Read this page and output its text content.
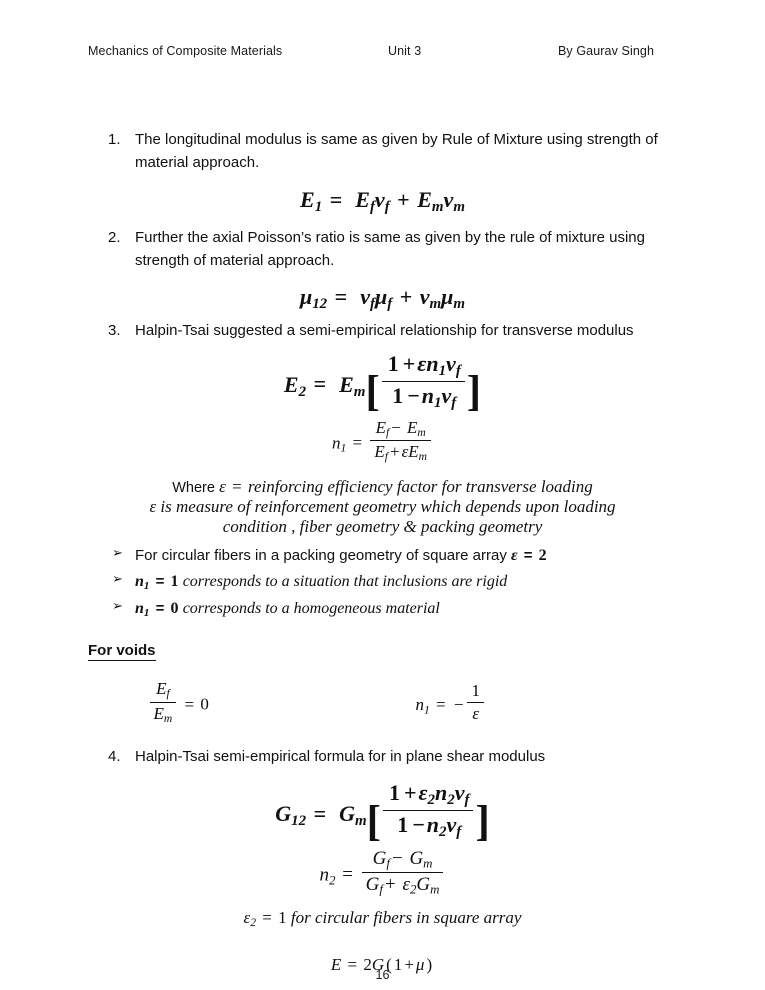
Mechanics of Composite Materials	Unit 3	By Gaurav Singh
1. The longitudinal modulus is same as given by Rule of Mixture using strength of material approach.
$E_1 = E_fv_f + E_mv_m$
2. Further the axial Poisson’s ratio is same as given by the rule of mixture using strength of material approach.
$\mu_{12} = v_f\mu_f + v_m\mu_m$
3. Halpin-Tsai suggested a semi-empirical relationship for transverse modulus
$E_2 = E_m[ \frac{1 +\varepsilon n_1v_f}{1 -n_1v_f}$ ]
$n_1 = \frac{E_f - E_m}{E_f + \varepsilon E_m}$
Where ε = reinforcing efficiency factor for transverse loading
ε is measure of reinforcement geometry which depends upon loading
condition , fiber geometry & packing geometry
➢ For circular fibers in a packing geometry of square array ε = 2
➢ $n_1 = 1$ corresponds to a situation that inclusions are rigid
➢ $n_1 = 0$ corresponds to a homogeneous material
For voids
$\frac{E_f}{E_m} = 0$	$n_1$ = − $\frac{1}{\varepsilon}$
4. Halpin-Tsai semi-empirical formula for in plane shear modulus
$G_{12} = G_m[ \frac{1 +\varepsilon_2n_2v_f}{1 -n_2v_f}$ ]
$n_2 = \frac{G_f - G_m}{G_f + \varepsilon_2G_m}$
$\varepsilon_2 = 1$ for circular fibers in square array
E = 2G ( 1 + μ )
16
